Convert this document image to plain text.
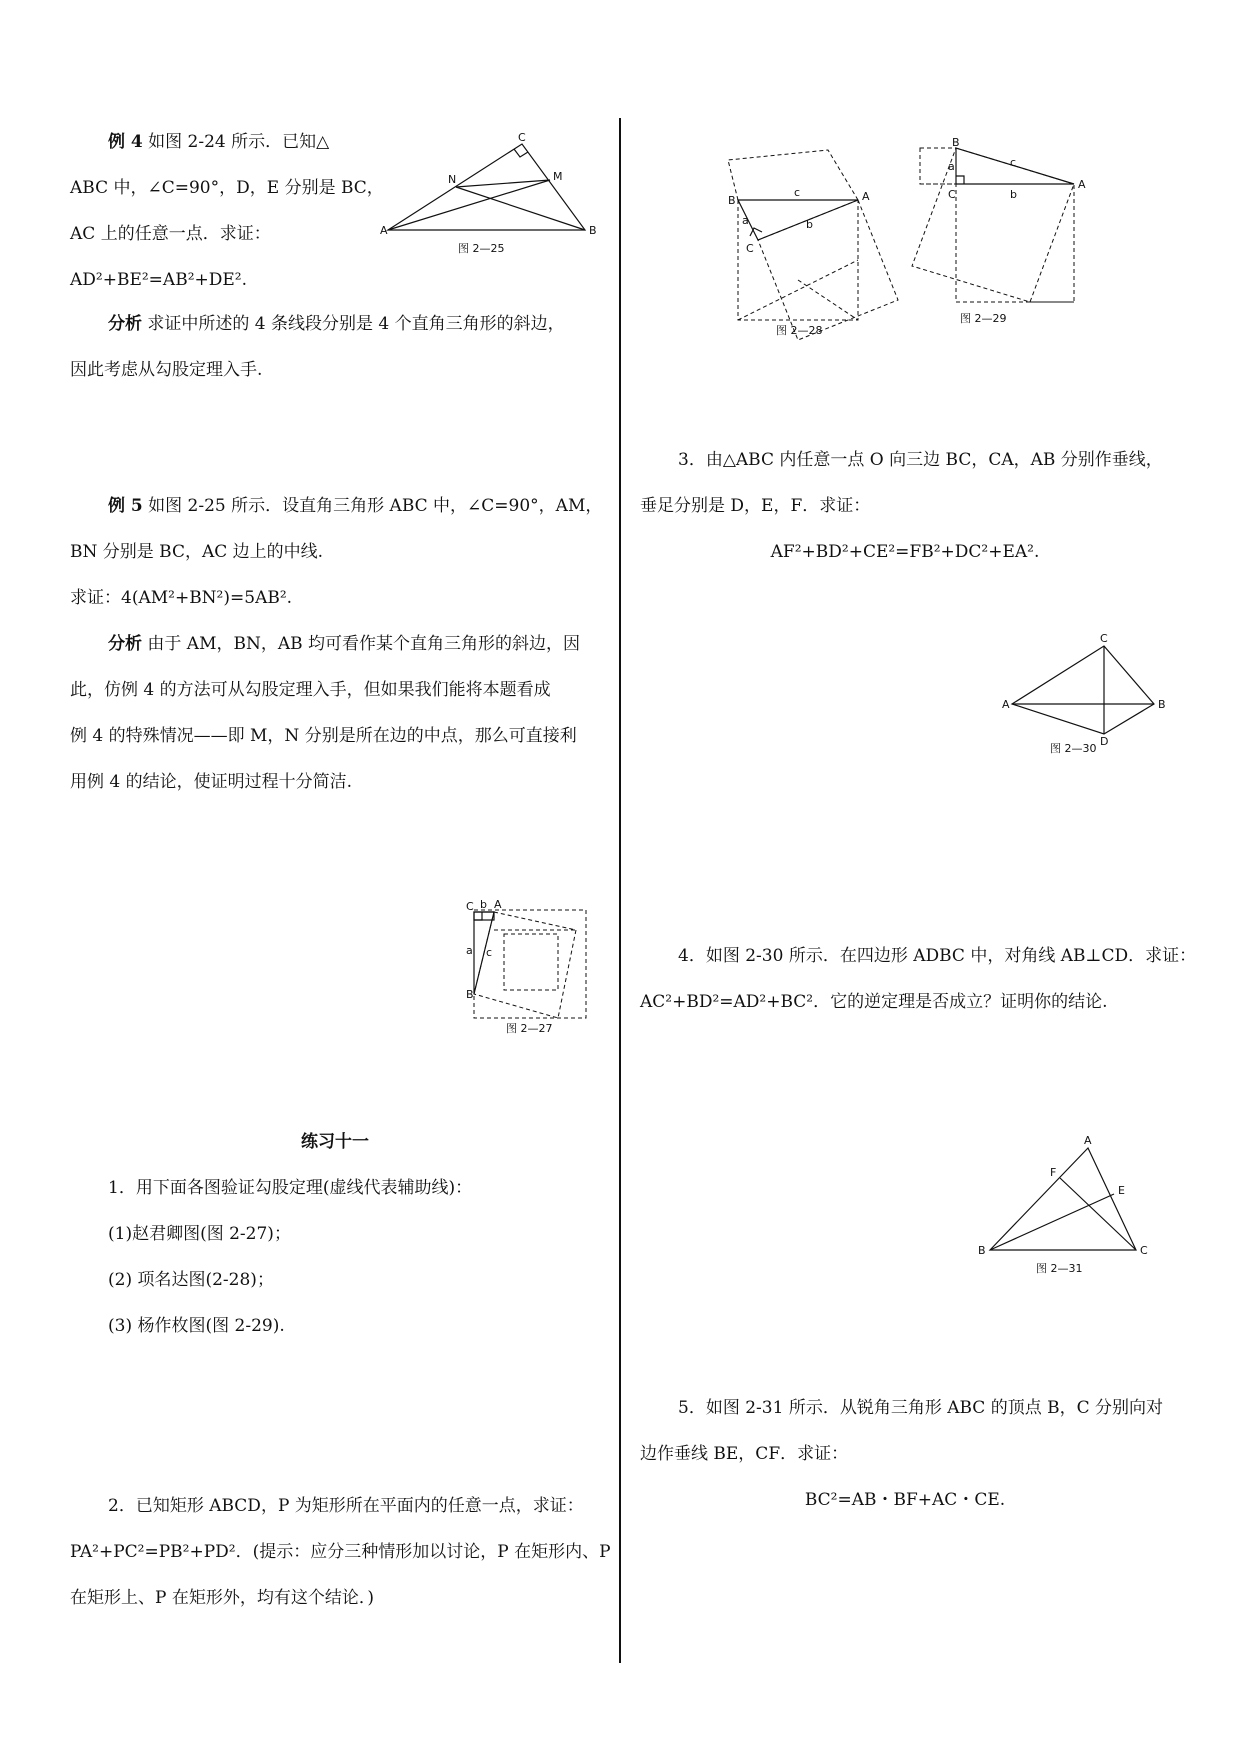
例 4 如图 2-24 所示．已知△
ABC 中，∠C=90°，D，E 分别是 BC，
AC 上的任意一点．求证：
AD²+BE²=AB²+DE².
C
A	B
N	M
图 2—25
分析 求证中所述的 4 条线段分别是 4 个直角三角形的斜边，
因此考虑从勾股定理入手.
例 5 如图 2-25 所示．设直角三角形 ABC 中，∠C=90°，AM，
BN 分别是 BC，AC 边上的中线.
求证：4(AM²+BN²)=5AB².
分析 由于 AM，BN，AB 均可看作某个直角三角形的斜边，因
此，仿例 4 的方法可从勾股定理入手，但如果我们能将本题看成
例 4 的特殊情况——即 M，N 分别是所在边的中点，那么可直接利
用例 4 的结论，使证明过程十分简洁.
C b A
a c
B
图 2—27
练习十一
1．用下面各图验证勾股定理(虚线代表辅助线)：
(1)赵君卿图(图 2-27)；
(2) 项名达图(2-28)；
(3) 杨作枚图(图 2-29).
2．已知矩形 ABCD，P 为矩形所在平面内的任意一点，求证：
PA²+PC²=PB²+PD²．(提示：应分三种情形加以讨论，P 在矩形内、P
在矩形上、P 在矩形外，均有这个结论．)
B
c	A
a	b
C
图 2—28
B
c
A
a
C	b
图 2—29
3．由△ABC 内任意一点 O 向三边 BC，CA，AB 分别作垂线，
垂足分别是 D，E，F．求证：
AF²+BD²+CE²=FB²+DC²+EA².
C
A	B
D
图 2—30
4．如图 2-30 所示．在四边形 ADBC 中，对角线 AB⊥CD．求证：
AC²+BD²=AD²+BC²．它的逆定理是否成立？证明你的结论.
A
F
E
B	C
图 2—31
5．如图 2-31 所示．从锐角三角形 ABC 的顶点 B，C 分别向对
边作垂线 BE，CF．求证：
BC²=AB・BF+AC・CE.
